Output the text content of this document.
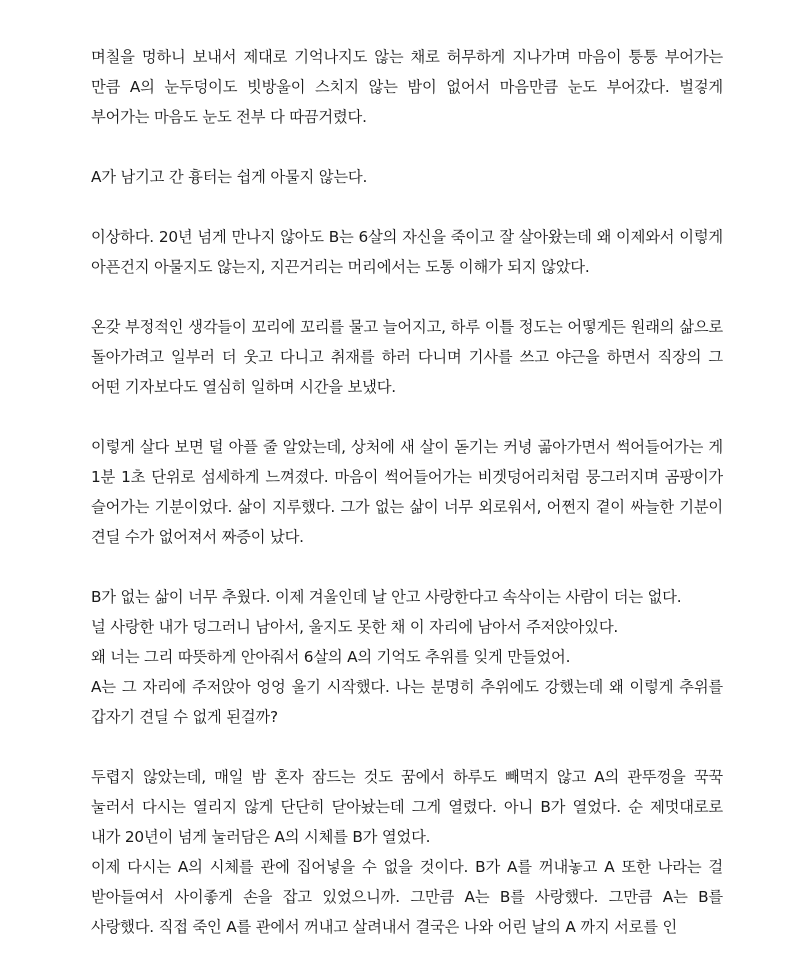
며칠을 멍하니 보내서 제대로 기억나지도 않는 채로 허무하게 지나가며 마음이 퉁퉁 부어가는 만큼 A의 눈두덩이도 빗방울이 스치지 않는 밤이 없어서 마음만큼 눈도 부어갔다. 벌겋게 부어가는 마음도 눈도 전부 다 따끔거렸다.

A가 남기고 간 흉터는 쉽게 아물지 않는다.

이상하다. 20년 넘게 만나지 않아도 B는 6살의 자신을 죽이고 잘 살아왔는데 왜 이제와서 이렇게 아픈건지 아물지도 않는지, 지끈거리는 머리에서는 도통 이해가 되지 않았다.

온갖 부정적인 생각들이 꼬리에 꼬리를 물고 늘어지고, 하루 이틀 정도는 어떻게든 원래의 삶으로 돌아가려고 일부러 더 웃고 다니고 취재를 하러 다니며 기사를 쓰고 야근을 하면서 직장의 그 어떤 기자보다도 열심히 일하며 시간을 보냈다.

이렇게 살다 보면 덜 아플 줄 알았는데, 상처에 새 살이 돋기는 커녕 곪아가면서 썩어들어가는 게 1분 1초 단위로 섬세하게 느껴졌다. 마음이 썩어들어가는 비겟덩어리처럼 뭉그러지며 곰팡이가 슬어가는 기분이었다. 삶이 지루했다. 그가 없는 삶이 너무 외로워서, 어쩐지 곁이 싸늘한 기분이 견딜 수가 없어져서 짜증이 났다.

B가 없는 삶이 너무 추웠다. 이제 겨울인데 날 안고 사랑한다고 속삭이는 사람이 더는 없다.

널 사랑한 내가 덩그러니 남아서, 울지도 못한 채 이 자리에 남아서 주저앉아있다.

왜 너는 그리 따뜻하게 안아줘서 6살의 A의 기억도 추위를 잊게 만들었어.

A는 그 자리에 주저앉아 엉엉 울기 시작했다. 나는 분명히 추위에도 강했는데 왜 이렇게 추위를 갑자기 견딜 수 없게 된걸까?

두렵지 않았는데, 매일 밤 혼자 잠드는 것도 꿈에서 하루도 빼먹지 않고 A의 관뚜껑을 꾹꾹 눌러서 다시는 열리지 않게 단단히 닫아놨는데 그게 열렸다. 아니 B가 열었다. 순 제멋대로로 내가 20년이 넘게 눌러담은 A의 시체를 B가 열었다.

이제 다시는 A의 시체를 관에 집어넣을 수 없을 것이다. B가 A를 꺼내놓고 A 또한 나라는 걸 받아들여서 사이좋게 손을 잡고 있었으니까. 그만큼 A는 B를 사랑했다. 그만큼 A는 B를 사랑했다. 직접 죽인 A를 관에서 꺼내고 살려내서 결국은 나와 어린 날의 A 까지 서로를 인
